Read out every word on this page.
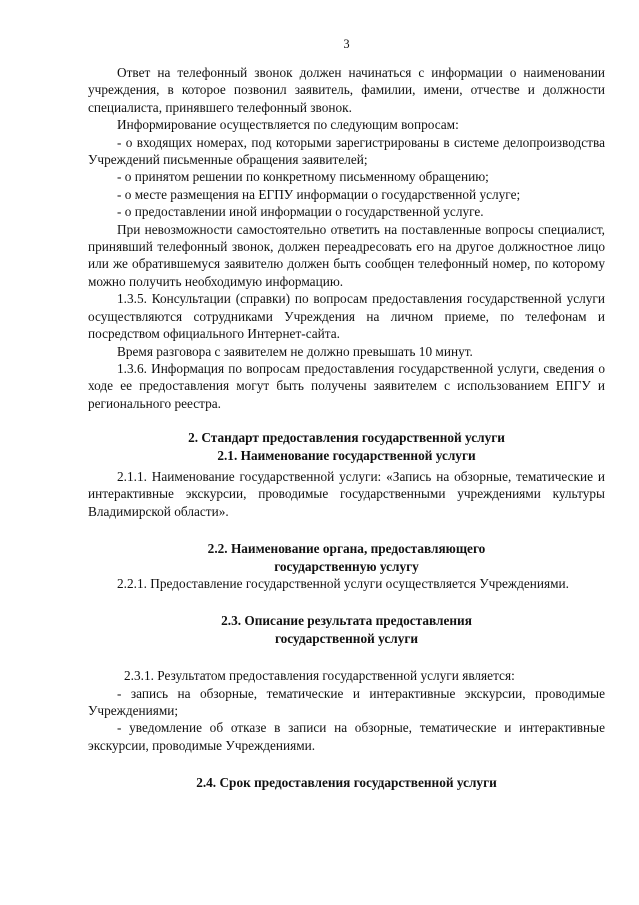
3

Ответ на телефонный звонок должен начинаться с информации о наименовании учреждения, в которое позвонил заявитель, фамилии, имени, отчестве и должности специалиста, принявшего телефонный звонок.

Информирование осуществляется по следующим вопросам:

- о входящих номерах, под которыми зарегистрированы в системе делопроизводства Учреждений письменные обращения заявителей;

- о принятом решении по конкретному письменному обращению;

- о месте размещения на ЕГПУ информации о государственной услуге;

- о предоставлении иной информации о государственной услуге.

При невозможности самостоятельно ответить на поставленные вопросы специалист, принявший телефонный звонок, должен переадресовать его на другое должностное лицо или же обратившемуся заявителю должен быть сообщен телефонный номер, по которому можно получить необходимую информацию.

1.3.5. Консультации (справки) по вопросам предоставления государственной услуги осуществляются сотрудниками Учреждения на личном приеме, по телефонам и посредством официального Интернет-сайта.

Время разговора с заявителем не должно превышать 10 минут.

1.3.6. Информация по вопросам предоставления государственной услуги, сведения о ходе ее предоставления могут быть получены заявителем с использованием ЕПГУ и регионального реестра.

2. Стандарт предоставления государственной услуги
2.1. Наименование государственной услуги

2.1.1. Наименование государственной услуги: «Запись на обзорные, тематические и интерактивные экскурсии, проводимые государственными учреждениями культуры Владимирской области».

2.2. Наименование органа, предоставляющего
государственную услугу

2.2.1. Предоставление государственной услуги осуществляется Учреждениями.

2.3. Описание результата предоставления
государственной услуги

2.3.1. Результатом предоставления государственной услуги является:

- запись на обзорные, тематические и интерактивные экскурсии, проводимые Учреждениями;

- уведомление об отказе в записи на обзорные, тематические и интерактивные экскурсии, проводимые Учреждениями.

2.4. Срок предоставления государственной услуги
